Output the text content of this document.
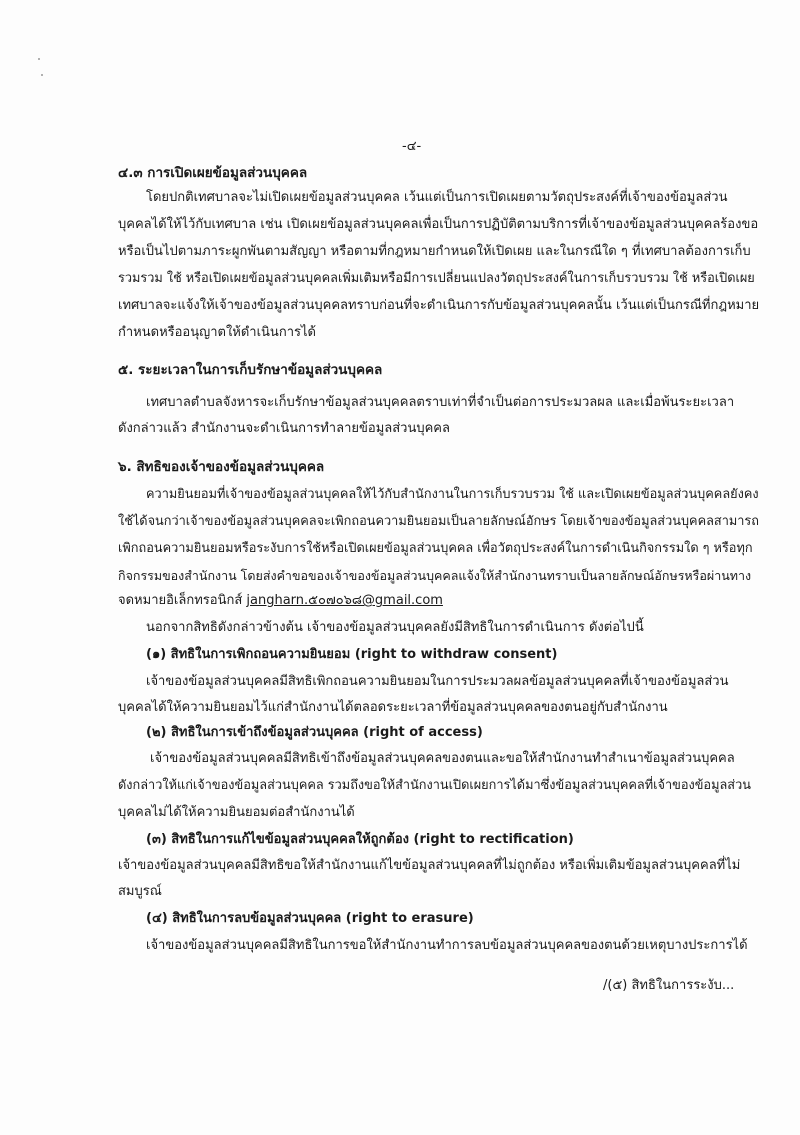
-๔-
๔.๓ การเปิดเผยข้อมูลส่วนบุคคล
โดยปกติเทศบาลจะไม่เปิดเผยข้อมูลส่วนบุคคล เว้นแต่เป็นการเปิดเผยตามวัตถุประสงค์ที่เจ้าของข้อมูลส่วน
บุคคลได้ให้ไว้กับเทศบาล เช่น เปิดเผยข้อมูลส่วนบุคคลเพื่อเป็นการปฏิบัติตามบริการที่เจ้าของข้อมูลส่วนบุคคลร้องขอ
หรือเป็นไปตามภาระผูกพันตามสัญญา หรือตามที่กฎหมายกำหนดให้เปิดเผย และในกรณีใด ๆ ที่เทศบาลต้องการเก็บ
รวมรวม ใช้ หรือเปิดเผยข้อมูลส่วนบุคคลเพิ่มเติมหรือมีการเปลี่ยนแปลงวัตถุประสงค์ในการเก็บรวบรวม ใช้ หรือเปิดเผย
เทศบาลจะแจ้งให้เจ้าของข้อมูลส่วนบุคคลทราบก่อนที่จะดำเนินการกับข้อมูลส่วนบุคคลนั้น เว้นแต่เป็นกรณีที่กฎหมาย
กำหนดหรืออนุญาตให้ดำเนินการได้
๕. ระยะเวลาในการเก็บรักษาข้อมูลส่วนบุคคล
เทศบาลตำบลจังหารจะเก็บรักษาข้อมูลส่วนบุคคลตราบเท่าที่จำเป็นต่อการประมวลผล และเมื่อพ้นระยะเวลา
ดังกล่าวแล้ว สำนักงานจะดำเนินการทำลายข้อมูลส่วนบุคคล
๖. สิทธิของเจ้าของข้อมูลส่วนบุคคล
ความยินยอมที่เจ้าของข้อมูลส่วนบุคคลให้ไว้กับสำนักงานในการเก็บรวบรวม ใช้ และเปิดเผยข้อมูลส่วนบุคคลยังคง
ใช้ได้จนกว่าเจ้าของข้อมูลส่วนบุคคลจะเพิกถอนความยินยอมเป็นลายลักษณ์อักษร โดยเจ้าของข้อมูลส่วนบุคคลสามารถ
เพิกถอนความยินยอมหรือระงับการใช้หรือเปิดเผยข้อมูลส่วนบุคคล เพื่อวัตถุประสงค์ในการดำเนินกิจกรรมใด ๆ หรือทุก
กิจกรรมของสำนักงาน โดยส่งคำขอของเจ้าของข้อมูลส่วนบุคคลแจ้งให้สำนักงานทราบเป็นลายลักษณ์อักษรหรือผ่านทาง
จดหมายอิเล็กทรอนิกส์ jangharn.๕๐๗๐๖๘@gmail.com
นอกจากสิทธิดังกล่าวข้างต้น เจ้าของข้อมูลส่วนบุคคลยังมีสิทธิในการดำเนินการ ดังต่อไปนี้
(๑) สิทธิในการเพิกถอนความยินยอม (right to withdraw consent)
เจ้าของข้อมูลส่วนบุคคลมีสิทธิเพิกถอนความยินยอมในการประมวลผลข้อมูลส่วนบุคคลที่เจ้าของข้อมูลส่วน
บุคคลได้ให้ความยินยอมไว้แก่สำนักงานได้ตลอดระยะเวลาที่ข้อมูลส่วนบุคคลของตนอยู่กับสำนักงาน
(๒) สิทธิในการเข้าถึงข้อมูลส่วนบุคคล (right of access)
เจ้าของข้อมูลส่วนบุคคลมีสิทธิเข้าถึงข้อมูลส่วนบุคคลของตนและขอให้สำนักงานทำสำเนาข้อมูลส่วนบุคคล
ดังกล่าวให้แก่เจ้าของข้อมูลส่วนบุคคล รวมถึงขอให้สำนักงานเปิดเผยการได้มาซึ่งข้อมูลส่วนบุคคลที่เจ้าของข้อมูลส่วน
บุคคลไม่ได้ให้ความยินยอมต่อสำนักงานได้
(๓) สิทธิในการแก้ไขข้อมูลส่วนบุคคลให้ถูกต้อง (right to rectification)
เจ้าของข้อมูลส่วนบุคคลมีสิทธิขอให้สำนักงานแก้ไขข้อมูลส่วนบุคคลที่ไม่ถูกต้อง หรือเพิ่มเติมข้อมูลส่วนบุคคลที่ไม่
สมบูรณ์
(๔) สิทธิในการลบข้อมูลส่วนบุคคล (right to erasure)
เจ้าของข้อมูลส่วนบุคคลมีสิทธิในการขอให้สำนักงานทำการลบข้อมูลส่วนบุคคลของตนด้วยเหตุบางประการได้
/(๕) สิทธิในการระงับ...
